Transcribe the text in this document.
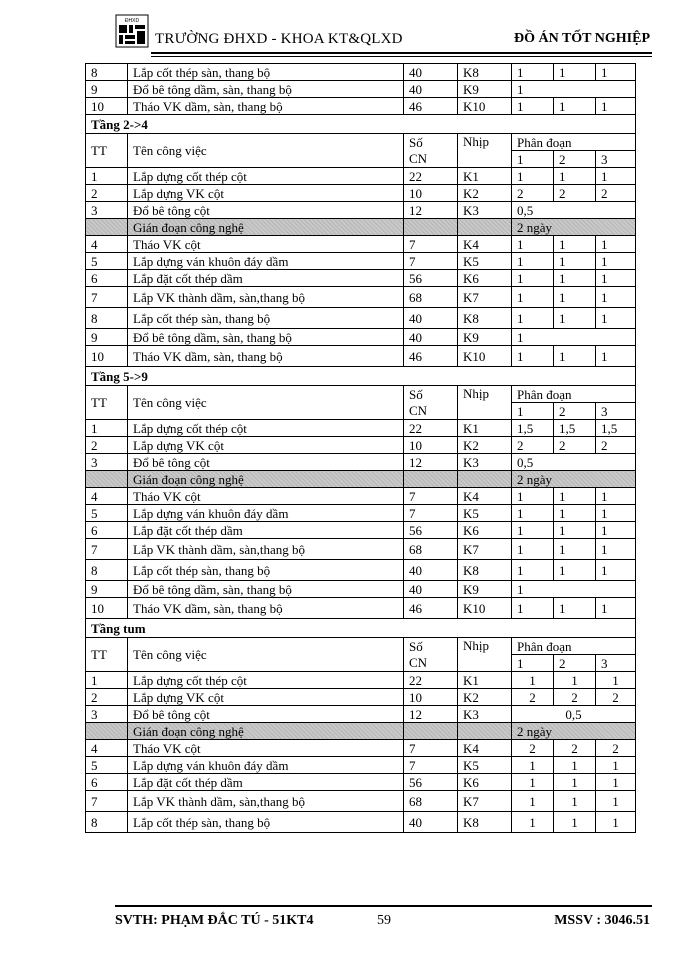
ĐHXD
TRƯỜNG ĐHXD - KHOA KT&QLXD	ĐỒ ÁN TỐT NGHIỆP
8	Lắp cốt thép sàn, thang bộ	40	K8	1	1	1
9	Đổ bê tông dầm, sàn, thang bộ	40	K9	1		
10	Tháo VK dầm, sàn, thang bộ	46	K10	1	1	1
Tầng 2->4						
TT	Tên công việc	Số	Nhịp	Phân đoạn		
		CN		1	2	3
1	Lắp dựng cốt thép cột	22	K1	1	1	1
2	Lắp dựng VK cột	10	K2	2	2	2
3	Đổ bê tông cột	12	K3	0,5		
	Gián đoạn công nghệ			2 ngày		
4	Tháo VK cột	7	K4	1	1	1
5	Lắp dựng ván khuôn đáy dầm	7	K5	1	1	1
6	Lắp đặt cốt thép dầm	56	K6	1	1	1
7	Lắp VK thành dầm, sàn,thang bộ	68	K7	1	1	1
8	Lắp cốt thép sàn, thang bộ	40	K8	1	1	1
9	Đổ bê tông dầm, sàn, thang bộ	40	K9	1		
10	Tháo VK dầm, sàn, thang bộ	46	K10	1	1	1
Tầng 5->9						
TT	Tên công việc	Số	Nhịp	Phân đoạn		
		CN		1	2	3
1	Lắp dựng cốt thép cột	22	K1	1,5	1,5	1,5
2	Lắp dựng VK cột	10	K2	2	2	2
3	Đổ bê tông cột	12	K3	0,5		
	Gián đoạn công nghệ			2 ngày		
4	Tháo VK cột	7	K4	1	1	1
5	Lắp dựng ván khuôn đáy dầm	7	K5	1	1	1
6	Lắp đặt cốt thép dầm	56	K6	1	1	1
7	Lắp VK thành dầm, sàn,thang bộ	68	K7	1	1	1
8	Lắp cốt thép sàn, thang bộ	40	K8	1	1	1
9	Đổ bê tông dầm, sàn, thang bộ	40	K9	1		
10	Tháo VK dầm, sàn, thang bộ	46	K10	1	1	1
Tầng tum						
TT	Tên công việc	Số	Nhịp	Phân đoạn		
		CN		1	2	3
1	Lắp dựng cốt thép cột	22	K1	1	1	1
2	Lắp dựng VK cột	10	K2	2	2	2
3	Đổ bê tông cột	12	K3	0,5		
	Gián đoạn công nghệ			2 ngày		
4	Tháo VK cột	7	K4	2	2	2
5	Lắp dựng ván khuôn đáy dầm	7	K5	1	1	1
6	Lắp đặt cốt thép dầm	56	K6	1	1	1
7	Lắp VK thành dầm, sàn,thang bộ	68	K7	1	1	1
8	Lắp cốt thép sàn, thang bộ	40	K8	1	1	1
SVTH: PHẠM ĐẮC TÚ - 51KT4	59	MSSV : 3046.51
